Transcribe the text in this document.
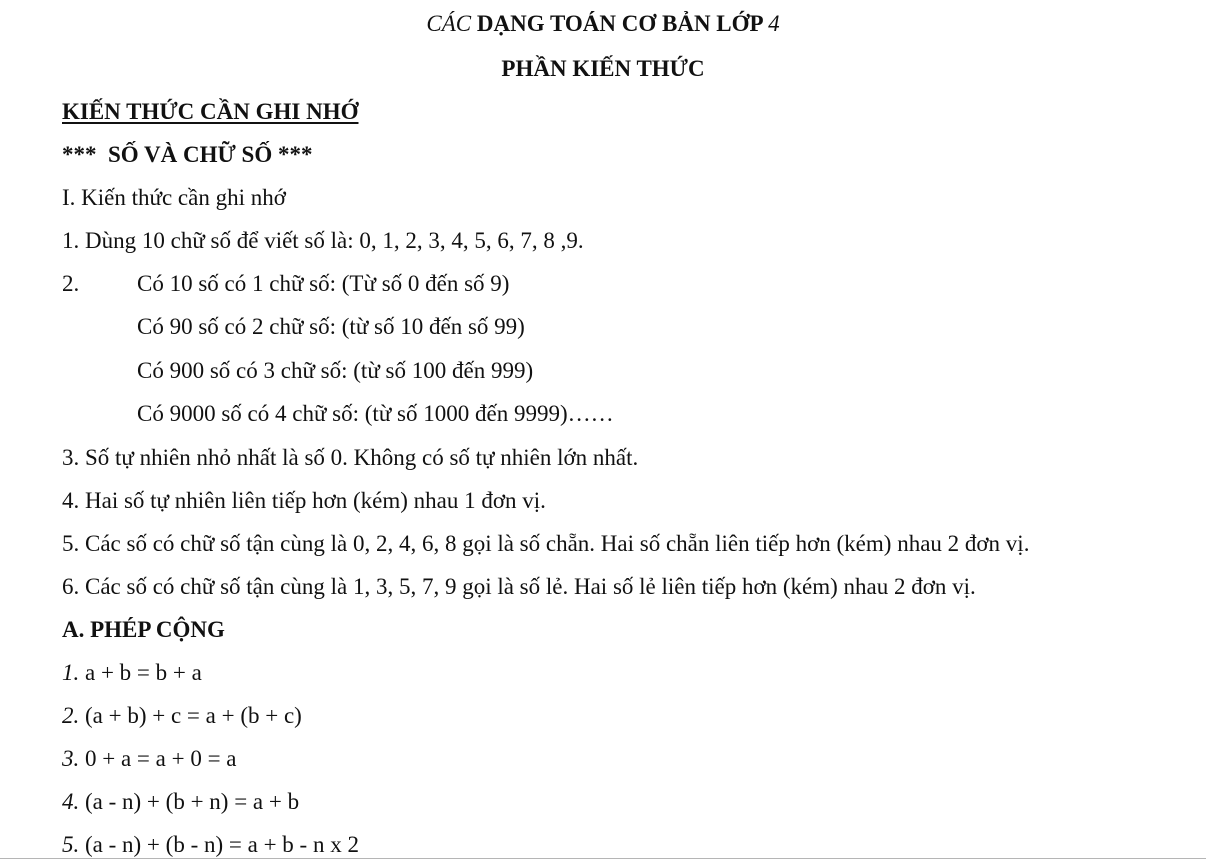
CÁC DẠNG TOÁN CƠ BẢN LỚP 4
PHẦN KIẾN THỨC
KIẾN THỨC CẦN GHI NHỚ
*** SỐ VÀ CHỮ SỐ ***
I. Kiến thức cần ghi nhớ
1. Dùng 10 chữ số để viết số là: 0, 1, 2, 3, 4, 5, 6, 7, 8 ,9.
2.	Có 10 số có 1 chữ số: (Từ số 0 đến số 9)
Có 90 số có 2 chữ số: (từ số 10 đến số 99)
Có 900 số có 3 chữ số: (từ số 100 đến 999)
Có 9000 số có 4 chữ số: (từ số 1000 đến 9999)……
3. Số tự nhiên nhỏ nhất là số 0. Không có số tự nhiên lớn nhất.
4. Hai số tự nhiên liên tiếp hơn (kém) nhau 1 đơn vị.
5. Các số có chữ số tận cùng là 0, 2, 4, 6, 8 gọi là số chẵn. Hai số chẵn liên tiếp hơn (kém) nhau 2 đơn vị.
6. Các số có chữ số tận cùng là 1, 3, 5, 7, 9 gọi là số lẻ. Hai số lẻ liên tiếp hơn (kém) nhau 2 đơn vị.
A. PHÉP CỘNG
1. a + b = b + a
2. (a + b) + c = a + (b + c)
3. 0 + a = a + 0 = a
4. (a - n) + (b + n) = a + b
5. (a - n) + (b - n) = a + b - n x 2
